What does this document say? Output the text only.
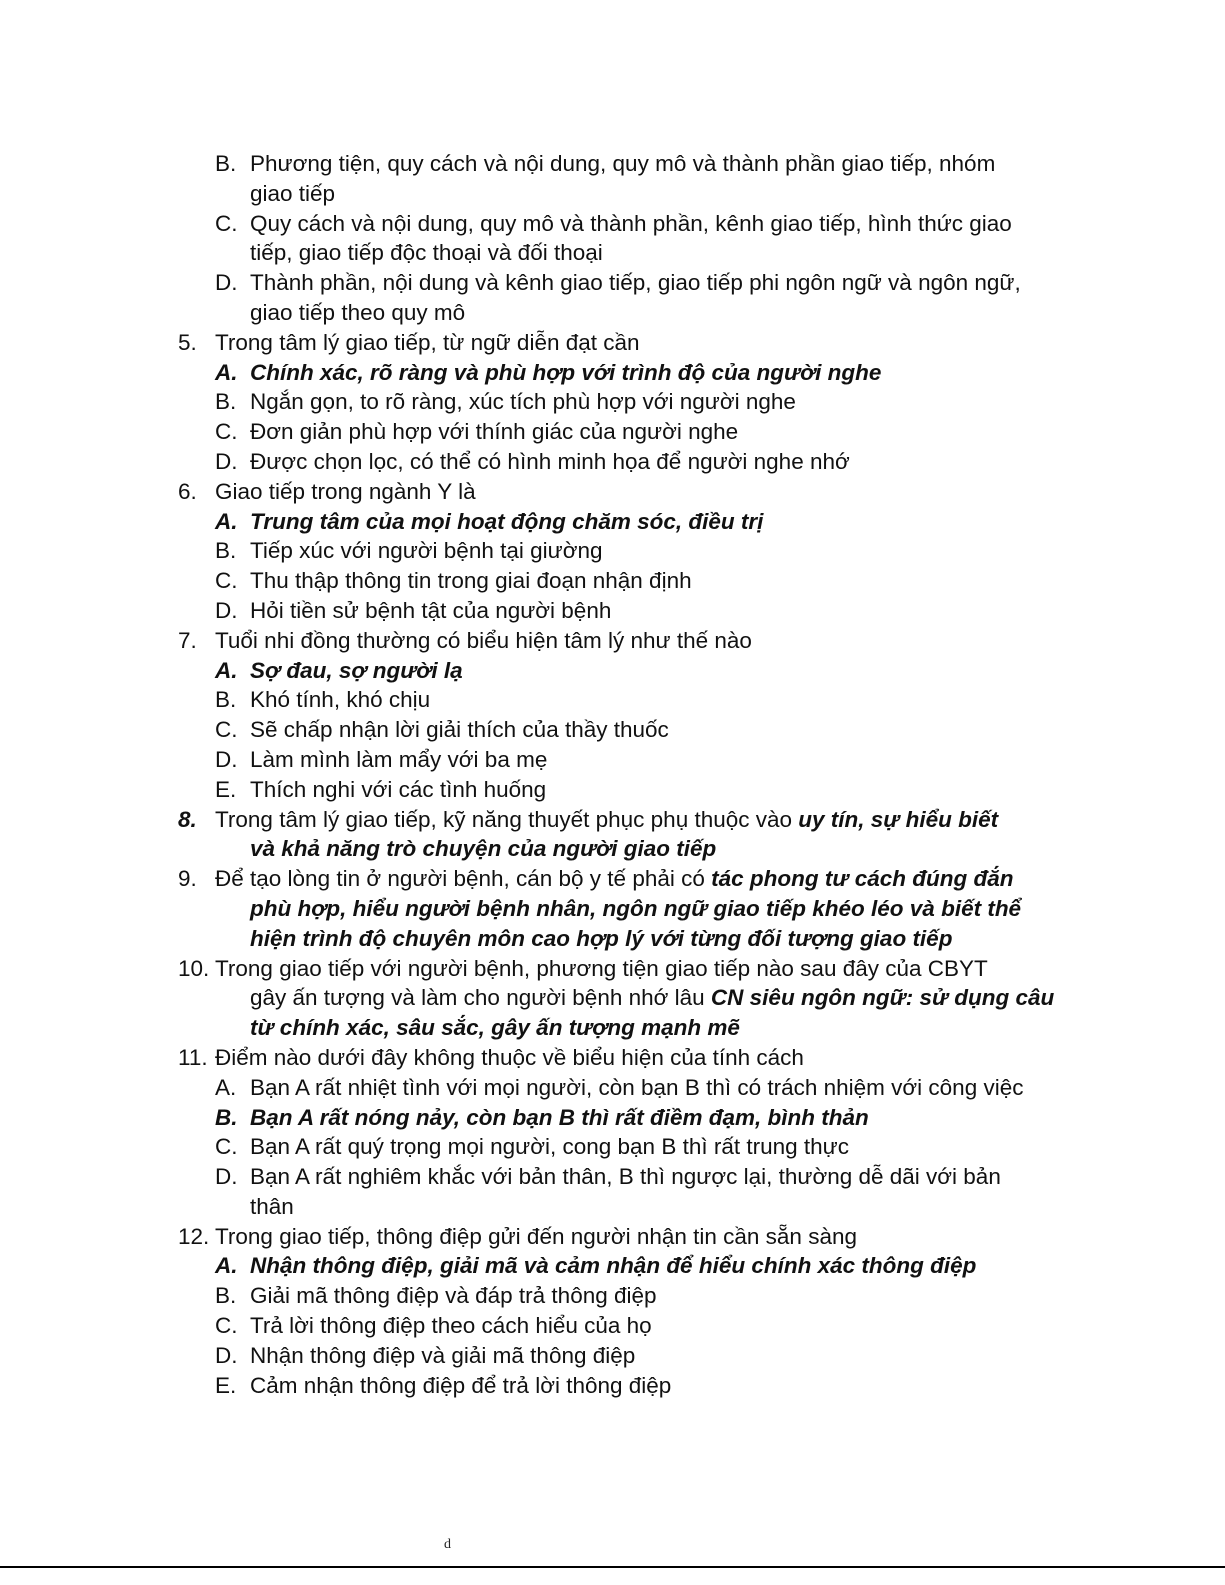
B. Phương tiện, quy cách và nội dung, quy mô và thành phần giao tiếp, nhóm
giao tiếp
C. Quy cách và nội dung, quy mô và thành phần, kênh giao tiếp, hình thức giao
tiếp, giao tiếp độc thoại và đối thoại
D. Thành phần, nội dung và kênh giao tiếp, giao tiếp phi ngôn ngữ và ngôn ngữ,
giao tiếp theo quy mô
5. Trong tâm lý giao tiếp, từ ngữ diễn đạt cần
A. Chính xác, rõ ràng và phù hợp với trình độ của người nghe
B. Ngắn gọn, to rõ ràng, xúc tích phù hợp với người nghe
C. Đơn giản phù hợp với thính giác của người nghe
D. Được chọn lọc, có thể có hình minh họa để người nghe nhớ
6. Giao tiếp trong ngành Y là
A. Trung tâm của mọi hoạt động chăm sóc, điều trị
B. Tiếp xúc với người bệnh tại giường
C. Thu thập thông tin trong giai đoạn nhận định
D. Hỏi tiền sử bệnh tật của người bệnh
7. Tuổi nhi đồng thường có biểu hiện tâm lý như thế nào
A. Sợ đau, sợ người lạ
B. Khó tính, khó chịu
C. Sẽ chấp nhận lời giải thích của thầy thuốc
D. Làm mình làm mẩy với ba mẹ
E. Thích nghi với các tình huống
8. Trong tâm lý giao tiếp, kỹ năng thuyết phục phụ thuộc vào uy tín, sự hiểu biết
và khả năng trò chuyện của người giao tiếp
9. Để tạo lòng tin ở người bệnh, cán bộ y tế phải có tác phong tư cách đúng đắn
phù hợp, hiểu người bệnh nhân, ngôn ngữ giao tiếp khéo léo và biết thể
hiện trình độ chuyên môn cao hợp lý với từng đối tượng giao tiếp
10. Trong giao tiếp với người bệnh, phương tiện giao tiếp nào sau đây của CBYT
gây ấn tượng và làm cho người bệnh nhớ lâu CN siêu ngôn ngữ: sử dụng câu
từ chính xác, sâu sắc, gây ấn tượng mạnh mẽ
11. Điểm nào dưới đây không thuộc về biểu hiện của tính cách
A. Bạn A rất nhiệt tình với mọi người, còn bạn B thì có trách nhiệm với công việc
B. Bạn A rất nóng nảy, còn bạn B thì rất điềm đạm, bình thản
C. Bạn A rất quý trọng mọi người, cong bạn B thì rất trung thực
D. Bạn A rất nghiêm khắc với bản thân, B thì ngược lại, thường dễ dãi với bản
thân
12. Trong giao tiếp, thông điệp gửi đến người nhận tin cần sẵn sàng
A. Nhận thông điệp, giải mã và cảm nhận để hiểu chính xác thông điệp
B. Giải mã thông điệp và đáp trả thông điệp
C. Trả lời thông điệp theo cách hiểu của họ
D. Nhận thông điệp và giải mã thông điệp
E. Cảm nhận thông điệp để trả lời thông điệp
d
